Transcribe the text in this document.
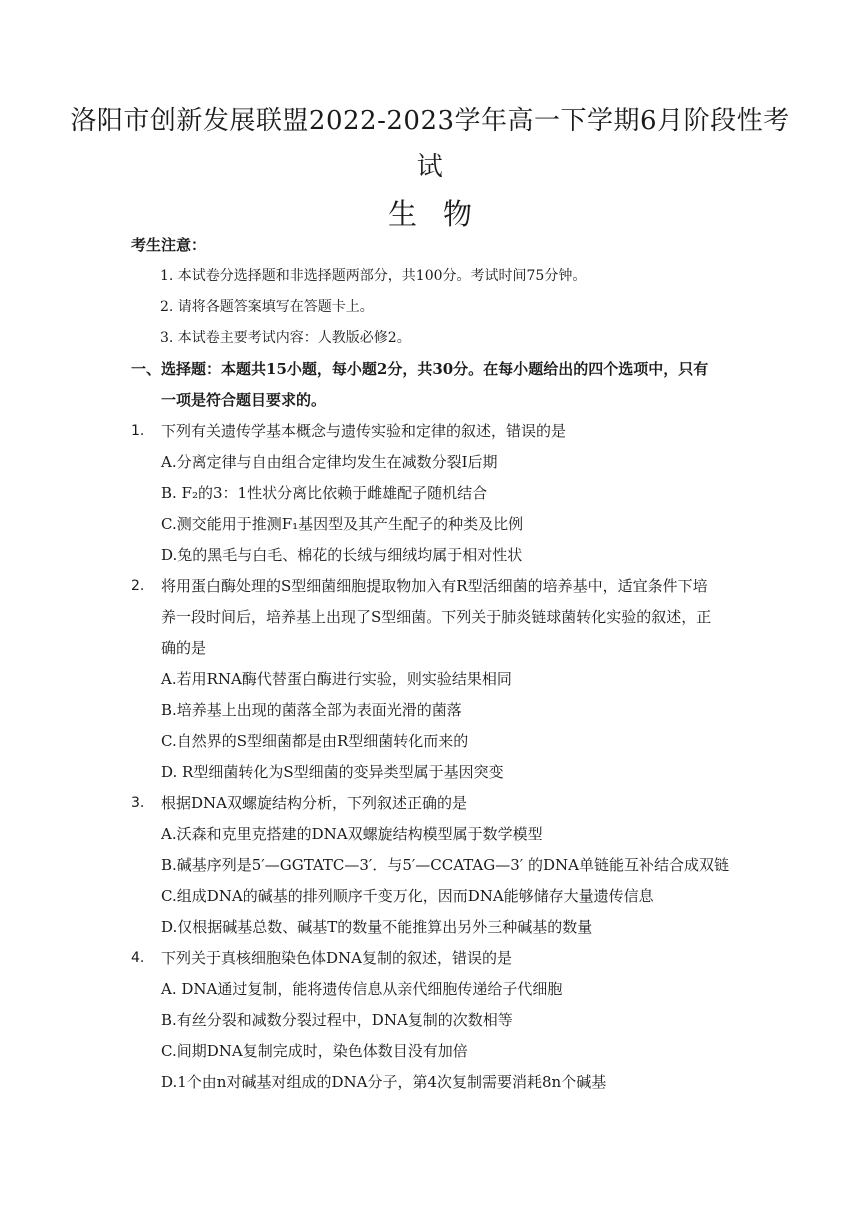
洛阳市创新发展联盟2022-2023学年高一下学期6月阶段性考
试
生物
考生注意：
1. 本试卷分选择题和非选择题两部分，共100分。考试时间75分钟。
2. 请将各题答案填写在答题卡上。
3. 本试卷主要考试内容：人教版必修2。
一、选择题：本题共15小题，每小题2分，共30分。在每小题给出的四个选项中，只有
一项是符合题目要求的。
1. 下列有关遗传学基本概念与遗传实验和定律的叙述，错误的是
A.分离定律与自由组合定律均发生在减数分裂Ⅰ后期
B. F₂的3：1性状分离比依赖于雌雄配子随机结合
C.测交能用于推测F₁基因型及其产生配子的种类及比例
D.兔的黑毛与白毛、棉花的长绒与细绒均属于相对性状
2. 将用蛋白酶处理的S型细菌细胞提取物加入有R型活细菌的培养基中，适宜条件下培
养一段时间后，培养基上出现了S型细菌。下列关于肺炎链球菌转化实验的叙述，正
确的是
A.若用RNA酶代替蛋白酶进行实验，则实验结果相同
B.培养基上出现的菌落全部为表面光滑的菌落
C.自然界的S型细菌都是由R型细菌转化而来的
D. R型细菌转化为S型细菌的变异类型属于基因突变
3. 根据DNA双螺旋结构分析，下列叙述正确的是
A.沃森和克里克搭建的DNA双螺旋结构模型属于数学模型
B.碱基序列是5′—GGTATC—3′．与5′—CCATAG—3′ 的DNA单链能互补结合成双链
C.组成DNA的碱基的排列顺序千变万化，因而DNA能够储存大量遗传信息
D.仅根据碱基总数、碱基T的数量不能推算出另外三种碱基的数量
4. 下列关于真核细胞染色体DNA复制的叙述，错误的是
A. DNA通过复制，能将遗传信息从亲代细胞传递给子代细胞
B.有丝分裂和减数分裂过程中，DNA复制的次数相等
C.间期DNA复制完成时，染色体数目没有加倍
D.1个由n对碱基对组成的DNA分子，第4次复制需要消耗8n个碱基
